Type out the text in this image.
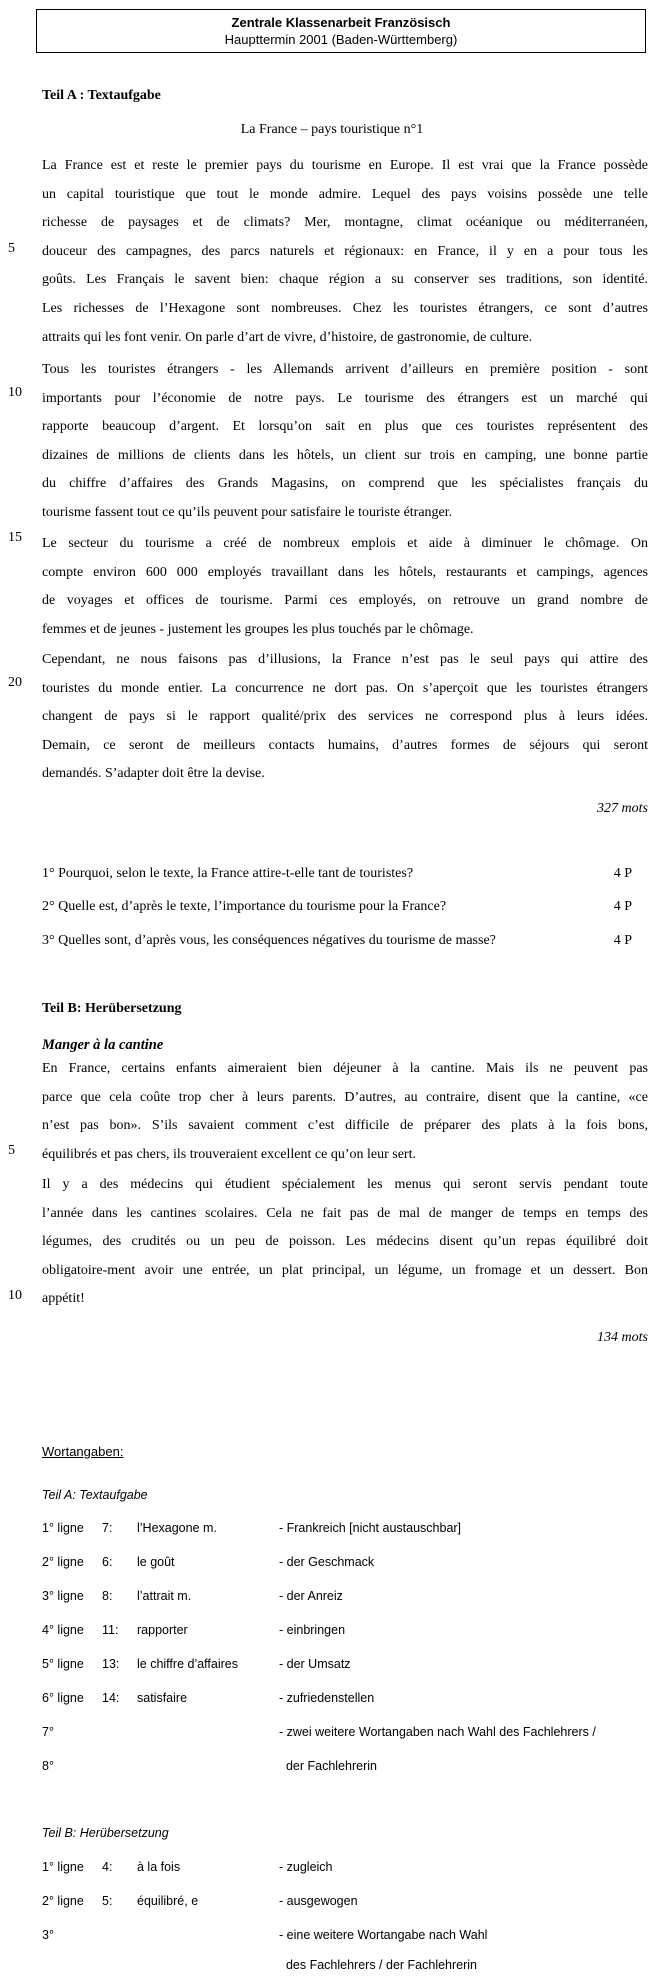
Zentrale Klassenarbeit Französisch
Haupttermin 2001 (Baden-Württemberg)
Teil A : Textaufgabe
La France – pays touristique n°1
La France est et reste le premier pays du tourisme en Europe. Il est vrai que la France possède
un capital touristique que tout le monde admire. Lequel des pays voisins possède une telle
richesse de paysages et de climats? Mer, montagne, climat océanique ou méditerranéen,
douceur des campagnes, des parcs naturels et régionaux: en France, il y en a pour tous les
goûts. Les Français le savent bien: chaque région a su conserver ses traditions, son identité.
Les richesses de l’Hexagone sont nombreuses. Chez les touristes étrangers, ce sont d’autres
attraits qui les font venir. On parle d’art de vivre, d’histoire, de gastronomie, de culture.
Tous les touristes étrangers - les Allemands arrivent d’ailleurs en première position - sont
importants pour l’économie de notre pays. Le tourisme des étrangers est un marché qui
rapporte beaucoup d’argent. Et lorsqu’on sait en plus que ces touristes représentent des
dizaines de millions de clients dans les hôtels, un client sur trois en camping, une bonne partie
du chiffre d’affaires des Grands Magasins, on comprend que les spécialistes français du
tourisme fassent tout ce qu’ils peuvent pour satisfaire le touriste étranger.
Le secteur du tourisme a créé de nombreux emplois et aide à diminuer le chômage. On
compte environ 600 000 employés travaillant dans les hôtels, restaurants et campings, agences
de voyages et offices de tourisme. Parmi ces employés, on retrouve un grand nombre de
femmes et de jeunes - justement les groupes les plus touchés par le chômage.
Cependant, ne nous faisons pas d’illusions, la France n’est pas le seul pays qui attire des
touristes du monde entier. La concurrence ne dort pas. On s’aperçoit que les touristes étrangers
changent de pays si le rapport qualité/prix des services ne correspond plus à leurs idées.
Demain, ce seront de meilleurs contacts humains, d’autres formes de séjours qui seront
demandés. S’adapter doit être la devise.
5
10
15
20
327 mots
1° Pourquoi, selon le texte, la France attire-t-elle tant de touristes?	4 P
2° Quelle est, d’après le texte, l’importance du tourisme pour la France?	4 P
3° Quelles sont, d’après vous, les conséquences négatives du tourisme de masse?	4 P
Teil B: Herübersetzung
Manger à la cantine
En France, certains enfants aimeraient bien déjeuner à la cantine. Mais ils ne peuvent pas
parce que cela coûte trop cher à leurs parents. D’autres, au contraire, disent que la cantine, «ce
n’est pas bon». S’ils savaient comment c’est difficile de préparer des plats à la fois bons,
équilibrés et pas chers, ils trouveraient excellent ce qu’on leur sert.
Il y a des médecins qui étudient spécialement les menus qui seront servis pendant toute
l’année dans les cantines scolaires. Cela ne fait pas de mal de manger de temps en temps des
légumes, des crudités ou un peu de poisson. Les médecins disent qu’un repas équilibré doit
obligatoire-ment avoir une entrée, un plat principal, un légume, un fromage et un dessert. Bon
appétit!
5
10
134 mots
Wortangaben:
Teil A: Textaufgabe
1° ligne 7: l’Hexagone m.	- Frankreich [nicht austauschbar]
2° ligne 6: le goût	- der Geschmack
3° ligne 8: l’attrait m.	- der Anreiz
4° ligne 11: rapporter	- einbringen
5° ligne 13: le chiffre d’affaires	- der Umsatz
6° ligne 14: satisfaire	- zufriedenstellen
7°	- zwei weitere Wortangaben nach Wahl des Fachlehrers /
8°	der Fachlehrerin
Teil B: Herübersetzung
1° ligne 4: à la fois	- zugleich
2° ligne 5: équilibré, e	- ausgewogen
3°	- eine weitere Wortangabe nach Wahl
des Fachlehrers / der Fachlehrerin
